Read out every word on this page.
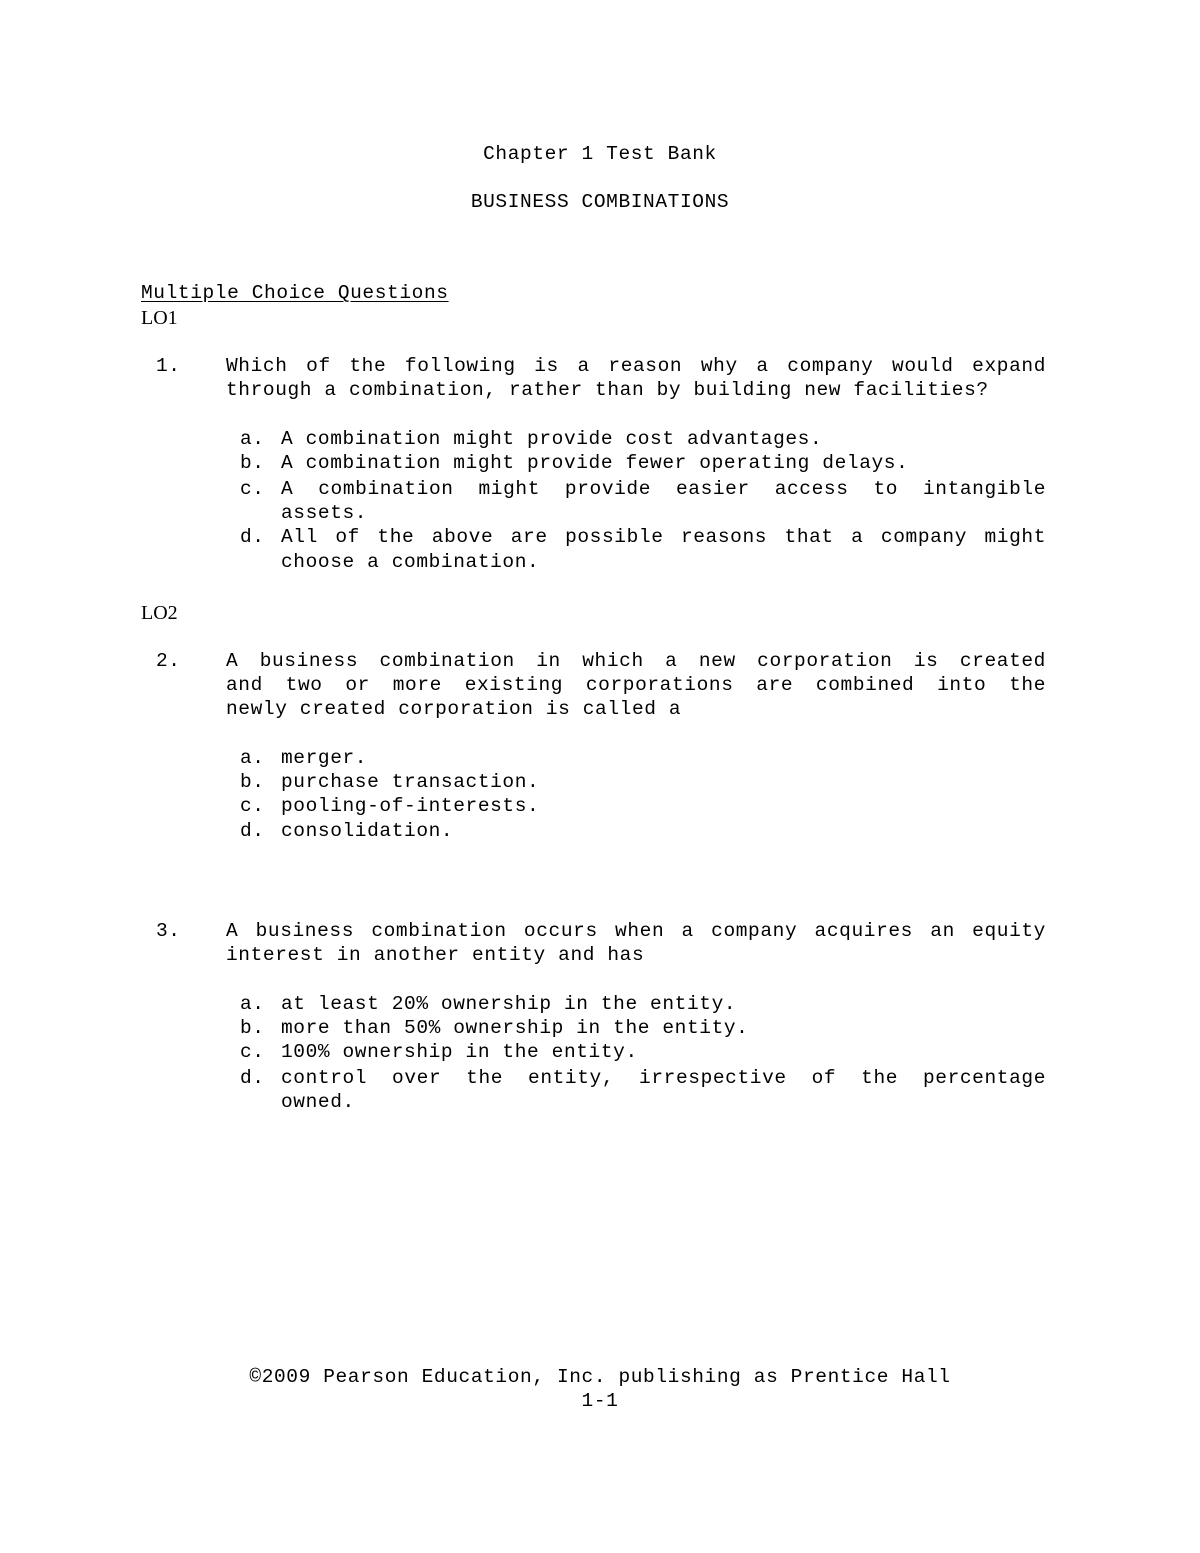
Chapter 1 Test Bank
BUSINESS COMBINATIONS
Multiple Choice Questions
LO1
1. Which of the following is a reason why a company would expand
through a combination, rather than by building new facilities?
a. A combination might provide cost advantages.
b. A combination might provide fewer operating delays.
c. A combination might provide easier access to intangible
assets.
d. All of the above are possible reasons that a company might
choose a combination.
LO2
2. A business combination in which a new corporation is created
and two or more existing corporations are combined into the
newly created corporation is called a
a. merger.
b. purchase transaction.
c. pooling-of-interests.
d. consolidation.
3. A business combination occurs when a company acquires an equity
interest in another entity and has
a. at least 20% ownership in the entity.
b. more than 50% ownership in the entity.
c. 100% ownership in the entity.
d. control over the entity, irrespective of the percentage
owned.
©2009 Pearson Education, Inc. publishing as Prentice Hall
1-1
